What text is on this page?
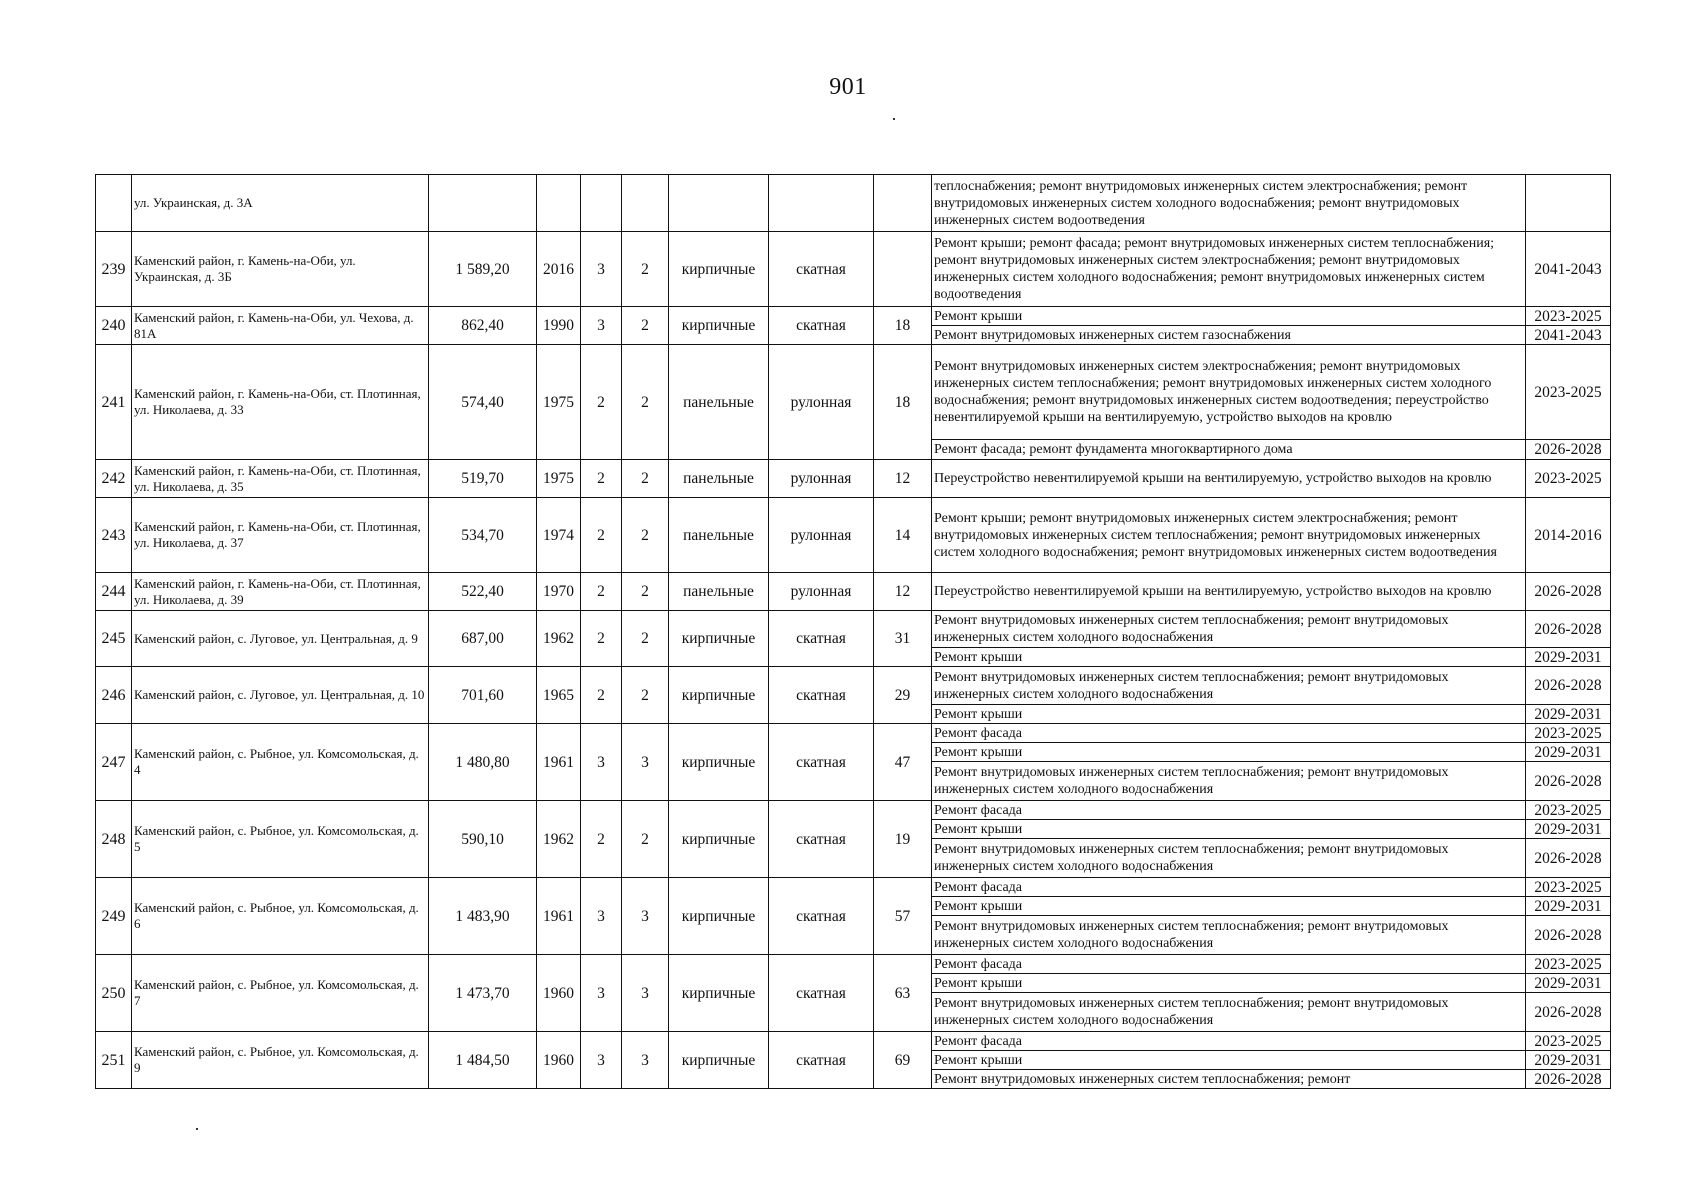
901
	ул. Украинская, д. 3А								теплоснабжения; ремонт внутридомовых инженерных систем электроснабжения; ремонт внутридомовых инженерных систем холодного водоснабжения; ремонт внутридомовых инженерных систем водоотведения	
239	Каменский район, г. Камень-на-Оби, ул. Украинская, д. 3Б	1 589,20	2016	3	2	кирпичные	скатная		Ремонт крыши; ремонт фасада; ремонт внутридомовых инженерных систем теплоснабжения; ремонт внутридомовых инженерных систем электроснабжения; ремонт внутридомовых инженерных систем холодного водоснабжения; ремонт внутридомовых инженерных систем водоотведения	2041-2043
240	Каменский район, г. Камень-на-Оби, ул. Чехова, д. 81А	862,40	1990	3	2	кирпичные	скатная	18	Ремонт крыши	2023-2025
									Ремонт внутридомовых инженерных систем газоснабжения	2041-2043
241	Каменский район, г. Камень-на-Оби, ст. Плотинная, ул. Николаева, д. 33	574,40	1975	2	2	панельные	рулонная	18	Ремонт внутридомовых инженерных систем электроснабжения; ремонт внутридомовых инженерных систем теплоснабжения; ремонт внутридомовых инженерных систем холодного водоснабжения; ремонт внутридомовых инженерных систем водоотведения; переустройство невентилируемой крыши на вентилируемую, устройство выходов на кровлю	2023-2025
									Ремонт фасада; ремонт фундамента многоквартирного дома	2026-2028
242	Каменский район, г. Камень-на-Оби, ст. Плотинная, ул. Николаева, д. 35	519,70	1975	2	2	панельные	рулонная	12	Переустройство невентилируемой крыши на вентилируемую, устройство выходов на кровлю	2023-2025
243	Каменский район, г. Камень-на-Оби, ст. Плотинная, ул. Николаева, д. 37	534,70	1974	2	2	панельные	рулонная	14	Ремонт крыши; ремонт внутридомовых инженерных систем электроснабжения; ремонт внутридомовых инженерных систем теплоснабжения; ремонт внутридомовых инженерных систем холодного водоснабжения; ремонт внутридомовых инженерных систем водоотведения	2014-2016
244	Каменский район, г. Камень-на-Оби, ст. Плотинная, ул. Николаева, д. 39	522,40	1970	2	2	панельные	рулонная	12	Переустройство невентилируемой крыши на вентилируемую, устройство выходов на кровлю	2026-2028
245	Каменский район, с. Луговое, ул. Центральная, д. 9	687,00	1962	2	2	кирпичные	скатная	31	Ремонт внутридомовых инженерных систем теплоснабжения; ремонт внутридомовых инженерных систем холодного водоснабжения	2026-2028
									Ремонт крыши	2029-2031
246	Каменский район, с. Луговое, ул. Центральная, д. 10	701,60	1965	2	2	кирпичные	скатная	29	Ремонт внутридомовых инженерных систем теплоснабжения; ремонт внутридомовых инженерных систем холодного водоснабжения	2026-2028
									Ремонт крыши	2029-2031
247	Каменский район, с. Рыбное, ул. Комсомольская, д. 4	1 480,80	1961	3	3	кирпичные	скатная	47	Ремонт фасада	2023-2025
									Ремонт крыши	2029-2031
									Ремонт внутридомовых инженерных систем теплоснабжения; ремонт внутридомовых инженерных систем холодного водоснабжения	2026-2028
248	Каменский район, с. Рыбное, ул. Комсомольская, д. 5	590,10	1962	2	2	кирпичные	скатная	19	Ремонт фасада	2023-2025
									Ремонт крыши	2029-2031
									Ремонт внутридомовых инженерных систем теплоснабжения; ремонт внутридомовых инженерных систем холодного водоснабжения	2026-2028
249	Каменский район, с. Рыбное, ул. Комсомольская, д. 6	1 483,90	1961	3	3	кирпичные	скатная	57	Ремонт фасада	2023-2025
									Ремонт крыши	2029-2031
									Ремонт внутридомовых инженерных систем теплоснабжения; ремонт внутридомовых инженерных систем холодного водоснабжения	2026-2028
250	Каменский район, с. Рыбное, ул. Комсомольская, д. 7	1 473,70	1960	3	3	кирпичные	скатная	63	Ремонт фасада	2023-2025
									Ремонт крыши	2029-2031
									Ремонт внутридомовых инженерных систем теплоснабжения; ремонт внутридомовых инженерных систем холодного водоснабжения	2026-2028
251	Каменский район, с. Рыбное, ул. Комсомольская, д. 9	1 484,50	1960	3	3	кирпичные	скатная	69	Ремонт фасада	2023-2025
									Ремонт крыши	2029-2031
									Ремонт внутридомовых инженерных систем теплоснабжения; ремонт	2026-2028
